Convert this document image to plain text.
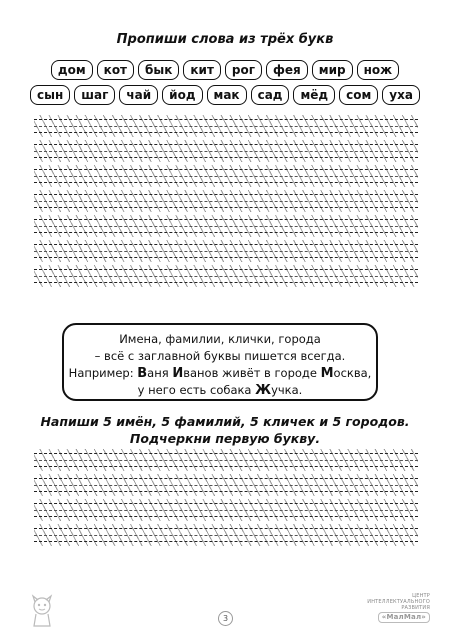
Пропиши слова из трёх букв
дом	кот	бык	кит	рог	фея	мир	нож
сын	шаг	чай	йод	мак	сад	мёд	сом	уха
Имена, фамилии, клички, города
– всё с заглавной буквы пишется всегда.
Например: Ваня Иванов живёт в городе Москва,
у него есть собака Жучка.
Напиши 5 имён, 5 фамилий, 5 кличек и 5 городов.
Подчеркни первую букву.
3
ЦЕНТР
ИНТЕЛЛЕКТУАЛЬНОГО
РАЗВИТИЯ
«МалМал»
